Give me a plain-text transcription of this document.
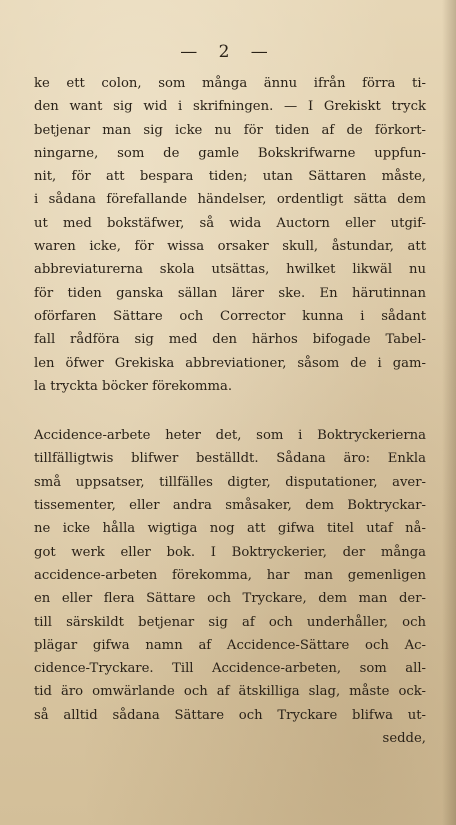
— 2 —
ke ett colon, som många ännu ifrån förra ti-
den want sig wid i skrifningen. — I Grekiskt tryck
betjenar man sig icke nu för tiden af de förkort-
ningarne, som de gamle Bokskrifwarne uppfun-
nit, för att bespara tiden; utan Sättaren måste,
i sådana förefallande händelser, ordentligt sätta dem
ut med bokstäfwer, så wida Auctorn eller utgif-
waren icke, för wissa orsaker skull, åstundar, att
abbreviaturerna skola utsättas, hwilket likwäl nu
för tiden ganska sällan lärer ske. En härutinnan
oförfaren Sättare och Corrector kunna i sådant
fall rådföra sig med den härhos bifogade Tabel-
len öfwer Grekiska abbreviationer, såsom de i gam-
la tryckta böcker förekomma.
Accidence-arbete heter det, som i Boktryckerierna
tillfälligtwis blifwer beställdt. Sådana äro: Enkla
små uppsatser, tillfälles digter, disputationer, aver-
tissementer, eller andra småsaker, dem Boktryckar-
ne icke hålla wigtiga nog att gifwa titel utaf nå-
got werk eller bok. I Boktryckerier, der många
accidence-arbeten förekomma, har man gemenligen
en eller flera Sättare och Tryckare, dem man der-
till särskildt betjenar sig af och underhåller, och
plägar gifwa namn af Accidence-Sättare och Ac-
cidence-Tryckare. Till Accidence-arbeten, som all-
tid äro omwärlande och af ätskilliga slag, måste ock-
så alltid sådana Sättare och Tryckare blifwa ut-
sedde,
